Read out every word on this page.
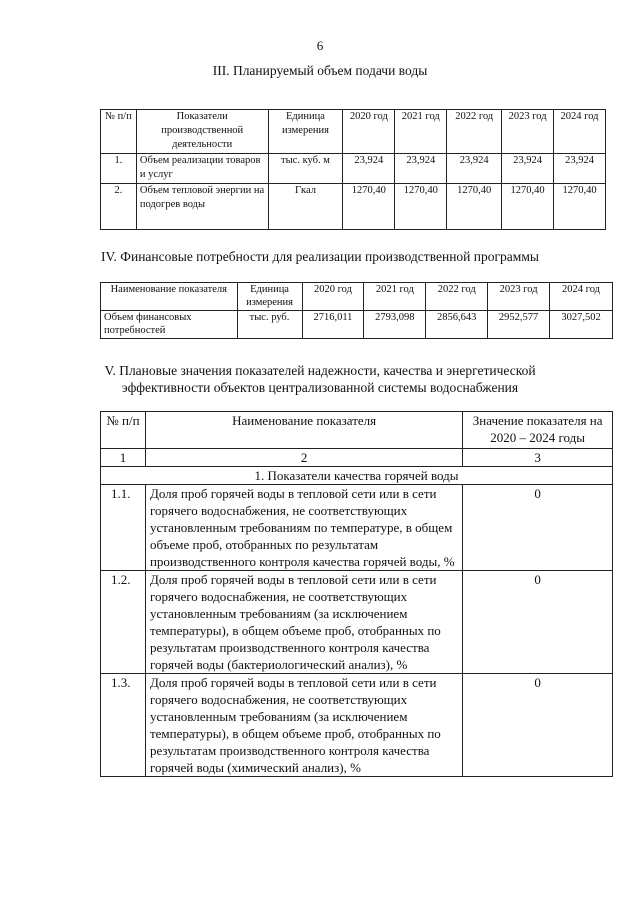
6
III. Планируемый объем подачи воды
№ п/п	Показатели производственной деятельности	Единица измерения	2020 год	2021 год	2022 год	2023 год	2024 год
1.	Объем реализации товаров и услуг	тыс. куб. м	23,924	23,924	23,924	23,924	23,924
2.	Объем тепловой энергии на подогрев воды	Гкал	1270,40	1270,40	1270,40	1270,40	1270,40
IV. Финансовые потребности для реализации производственной программы
Наименование показателя	Единица измерения	2020 год	2021 год	2022 год	2023 год	2024 год
Объем финансовых потребностей	тыс. руб.	2716,011	2793,098	2856,643	2952,577	3027,502
V. Плановые значения показателей надежности, качества и энергетической
эффективности объектов централизованной системы водоснабжения
№ п/п	Наименование показателя	Значение показателя на 2020 – 2024 годы
1	2	3
1. Показатели качества горячей воды		
1.1.	Доля проб горячей воды в тепловой сети или в сети горячего водоснабжения, не соответствующих установленным требованиям по температуре, в общем объеме проб, отобранных по результатам производственного контроля качества горячей воды, %	0
1.2.	Доля проб горячей воды в тепловой сети или в сети горячего водоснабжения, не соответствующих установленным требованиям (за исключением температуры), в общем объеме проб, отобранных по результатам производственного контроля качества горячей воды (бактериологический анализ), %	0
1.3.	Доля проб горячей воды в тепловой сети или в сети горячего водоснабжения, не соответствующих установленным требованиям (за исключением температуры), в общем объеме проб, отобранных по результатам производственного контроля качества горячей воды (химический анализ), %	0
